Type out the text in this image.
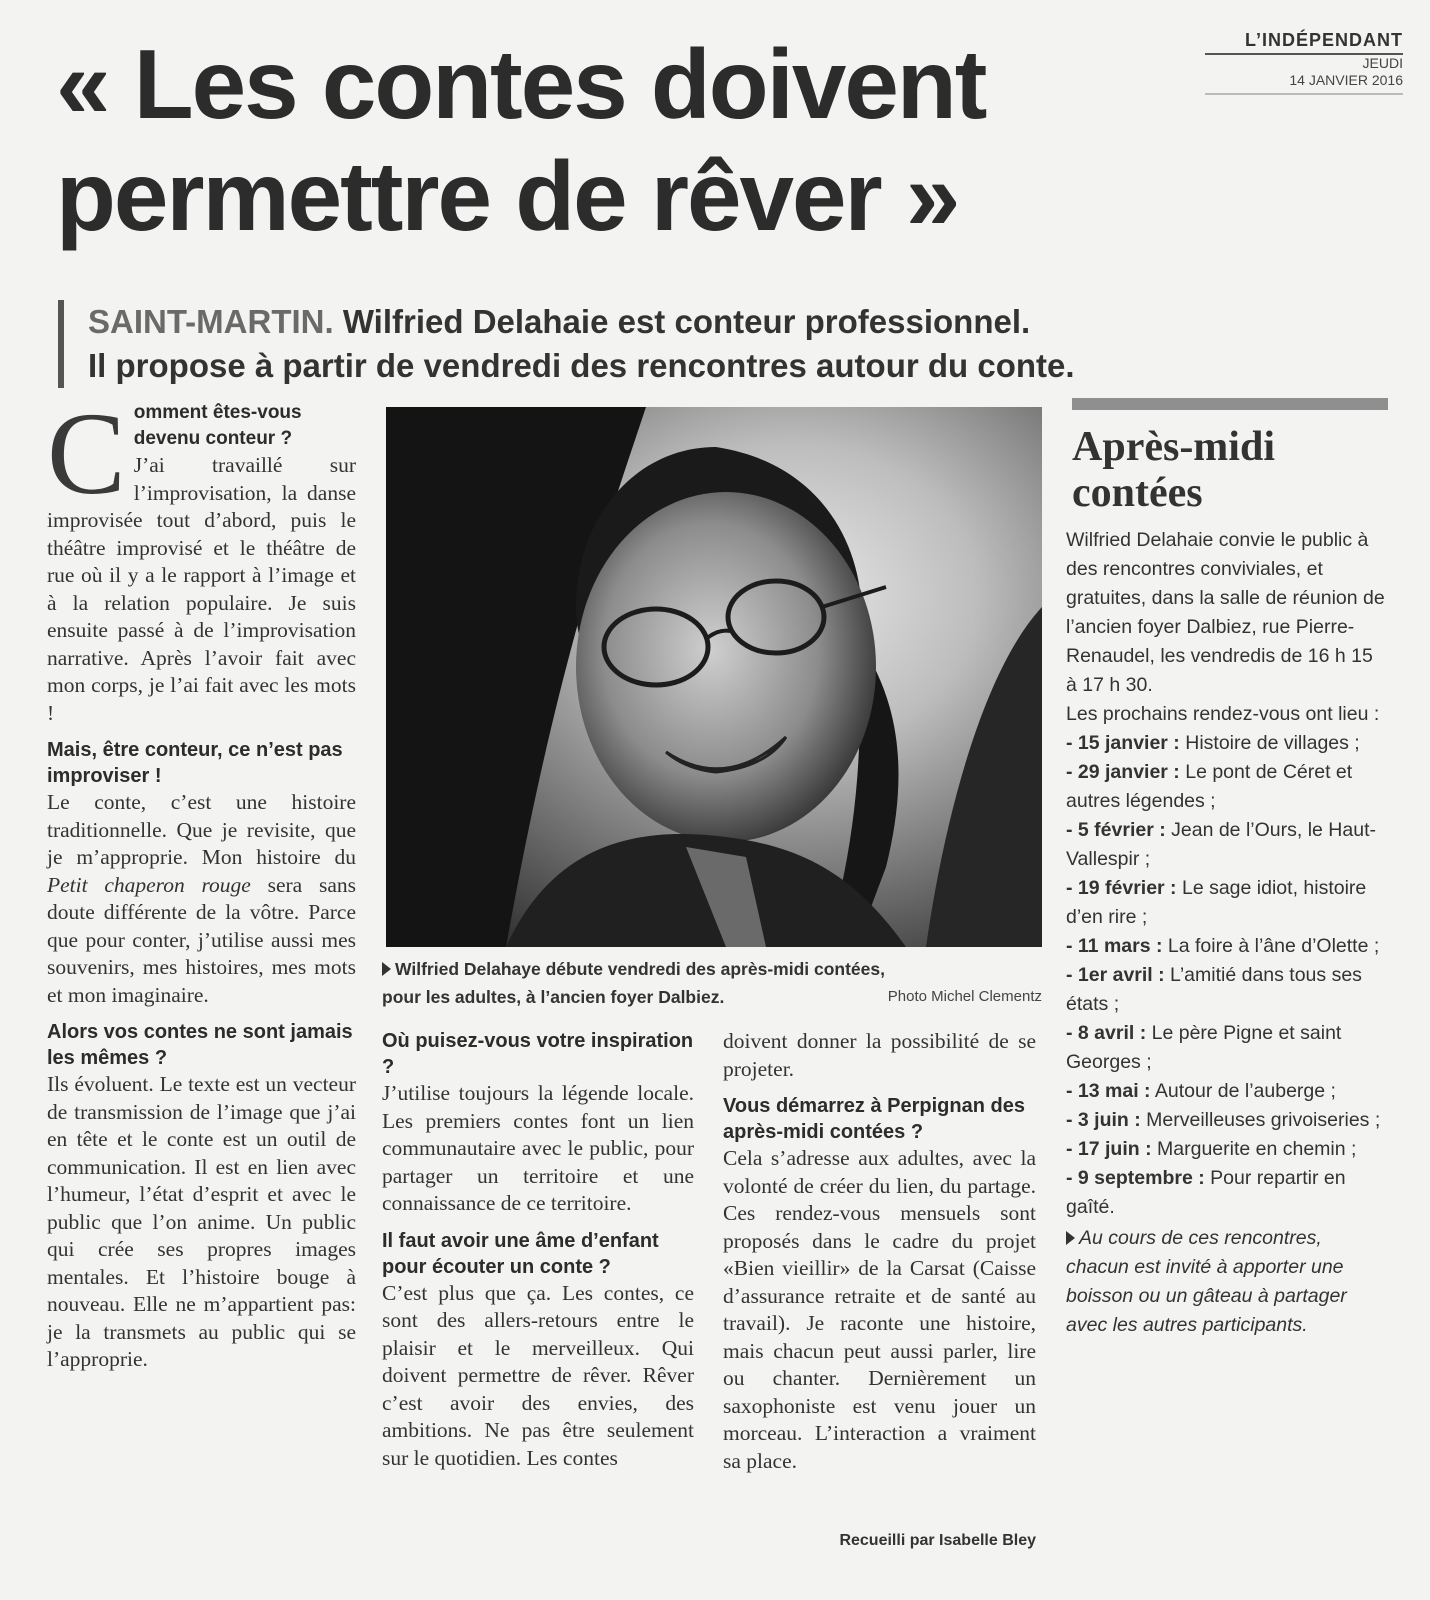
L’INDÉPENDANT
JEUDI
14 JANVIER 2016
« Les contes doivent
permettre de rêver »
SAINT-MARTIN. Wilfried Delahaie est conteur professionnel.
Il propose à partir de vendredi des rencontres autour du conte.
C omment êtes-vous devenu conteur ?

J’ai travaillé sur l’improvisation, la danse improvisée tout d’abord, puis le théâtre improvisé et le théâtre de rue où il y a le rapport à l’image et à la relation populaire. Je suis ensuite passé à de l’improvisation narrative. Après l’avoir fait avec mon corps, je l’ai fait avec les mots !

Mais, être conteur, ce n’est pas improviser !

Le conte, c’est une histoire traditionnelle. Que je revisite, que je m’approprie. Mon histoire du Petit chaperon rouge sera sans doute différente de la vôtre. Parce que pour conter, j’utilise aussi mes souvenirs, mes histoires, mes mots et mon imaginaire.

Alors vos contes ne sont jamais les mêmes ?

Ils évoluent. Le texte est un vecteur de transmission de l’image que j’ai en tête et le conte est un outil de communication. Il est en lien avec l’humeur, l’état d’esprit et avec le public que l’on anime. Un public qui crée ses propres images mentales. Et l’histoire bouge à nouveau. Elle ne m’appartient pas: je la transmets au public qui se l’approprie.

Wilfried Delahaye débute vendredi des après-midi contées,
pour les adultes, à l’ancien foyer Dalbiez.	Photo Michel Clementz
Où puisez-vous votre inspiration ?

J’utilise toujours la légende locale. Les premiers contes font un lien communautaire avec le public, pour partager un territoire et une connaissance de ce territoire.

Il faut avoir une âme d’enfant pour écouter un conte ?

C’est plus que ça. Les contes, ce sont des allers-retours entre le plaisir et le merveilleux. Qui doivent permettre de rêver. Rêver c’est avoir des envies, des ambitions. Ne pas être seulement sur le quotidien. Les contes

doivent donner la possibilité de se projeter.

Vous démarrez à Perpignan des après-midi contées ?

Cela s’adresse aux adultes, avec la volonté de créer du lien, du partage. Ces rendez-vous mensuels sont proposés dans le cadre du projet «Bien vieillir» de la Carsat (Caisse d’assurance retraite et de santé au travail). Je raconte une histoire, mais chacun peut aussi parler, lire ou chanter. Dernièrement un saxophoniste est venu jouer un morceau. L’interaction a vraiment sa place.

Recueilli par Isabelle Bley
Après-midi contées
Wilfried Delahaie convie le public à des rencontres conviviales, et gratuites, dans la salle de réunion de l’ancien foyer Dalbiez, rue Pierre-Renaudel, les vendredis de 16 h 15 à 17 h 30.
Les prochains rendez-vous ont lieu :
- 15 janvier : Histoire de villages ;
- 29 janvier : Le pont de Céret et autres légendes ;
- 5 février : Jean de l’Ours, le Haut-Vallespir ;
- 19 février : Le sage idiot, histoire d’en rire ;
- 11 mars : La foire à l’âne d’Olette ;
- 1er avril : L’amitié dans tous ses états ;
- 8 avril : Le père Pigne et saint Georges ;
- 13 mai : Autour de l’auberge ;
- 3 juin : Merveilleuses grivoiseries ;
- 17 juin : Marguerite en chemin ;
- 9 septembre : Pour repartir en gaîté.
Au cours de ces rencontres, chacun est invité à apporter une boisson ou un gâteau à partager avec les autres participants.
